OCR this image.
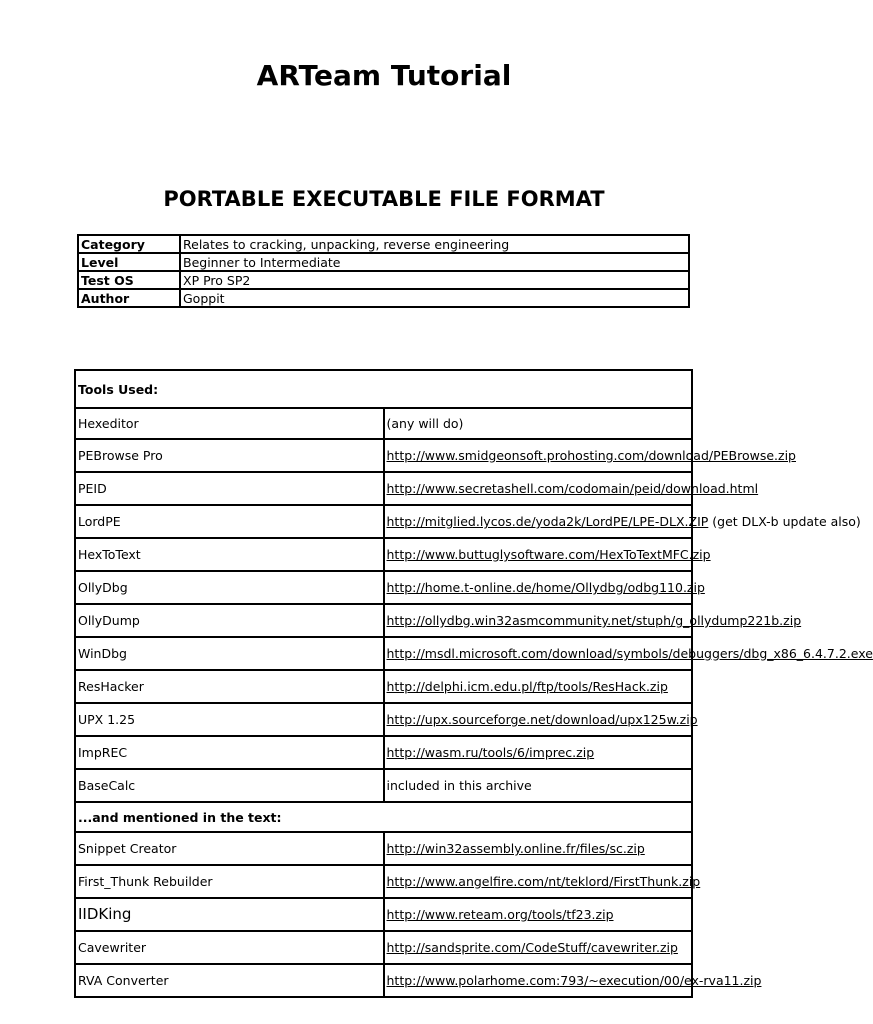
ARTeam Tutorial
PORTABLE EXECUTABLE FILE FORMAT
Category	Relates to cracking, unpacking, reverse engineering
Level	Beginner to Intermediate
Test OS	XP Pro SP2
Author	Goppit
Tools Used:	
Hexeditor	(any will do)
PEBrowse Pro	http://www.smidgeonsoft.prohosting.com/download/PEBrowse.zip
PEID	http://www.secretashell.com/codomain/peid/download.html
LordPE	http://mitglied.lycos.de/yoda2k/LordPE/LPE-DLX.ZIP (get DLX-b update also)
HexToText	http://www.buttuglysoftware.com/HexToTextMFC.zip
OllyDbg	http://home.t-online.de/home/Ollydbg/odbg110.zip
OllyDump	http://ollydbg.win32asmcommunity.net/stuph/g_ollydump221b.zip
WinDbg	http://msdl.microsoft.com/download/symbols/debuggers/dbg_x86_6.4.7.2.exe
ResHacker	http://delphi.icm.edu.pl/ftp/tools/ResHack.zip
UPX 1.25	http://upx.sourceforge.net/download/upx125w.zip
ImpREC	http://wasm.ru/tools/6/imprec.zip
BaseCalc	included in this archive
...and mentioned in the text:	
Snippet Creator	http://win32assembly.online.fr/files/sc.zip
First_Thunk Rebuilder	http://www.angelfire.com/nt/teklord/FirstThunk.zip
IIDKing	http://www.reteam.org/tools/tf23.zip
Cavewriter	http://sandsprite.com/CodeStuff/cavewriter.zip
RVA Converter	http://www.polarhome.com:793/~execution/00/ex-rva11.zip
